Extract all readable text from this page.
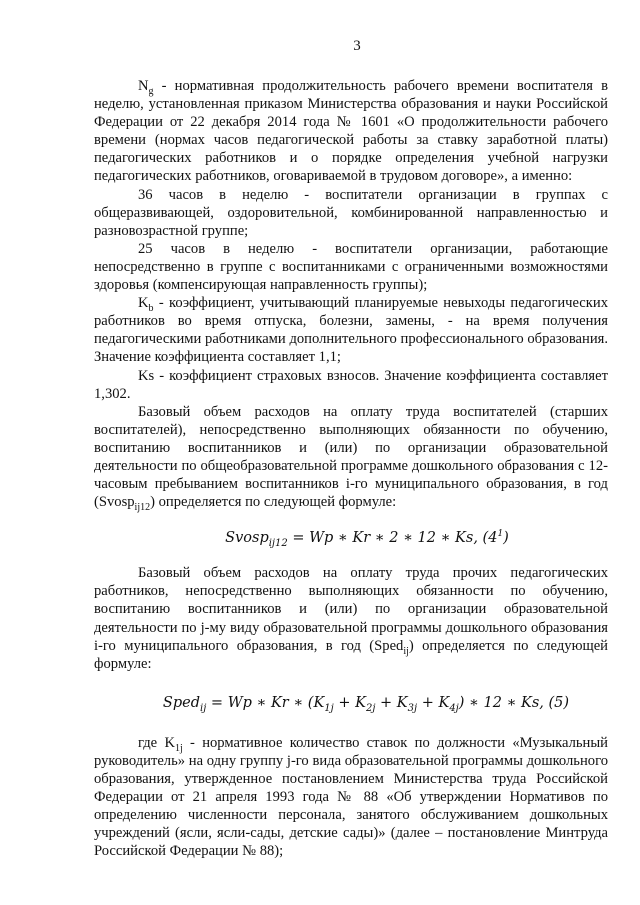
3

$N_g$ - нормативная продолжительность рабочего времени воспитателя в неделю, установленная приказом Министерства образования и науки Российской Федерации от 22 декабря 2014 года № 1601 «О продолжительности рабочего времени (нормах часов педагогической работы за ставку заработной платы) педагогических работников и о порядке определения учебной нагрузки педагогических работников, оговариваемой в трудовом договоре», а именно:

36 часов в неделю - воспитатели организации в группах с общеразвивающей, оздоровительной, комбинированной направленностью и разновозрастной группе;

25 часов в неделю - воспитатели организации, работающие непосредственно в группе с воспитанниками с ограниченными возможностями здоровья (компенсирующая направленность группы);

$K_b$ - коэффициент, учитывающий планируемые невыходы педагогических работников во время отпуска, болезни, замены, - на время получения педагогическими работниками дополнительного профессионального образования. Значение коэффициента составляет 1,1;

Ks - коэффициент страховых взносов. Значение коэффициента составляет 1,302.

Базовый объем расходов на оплату труда воспитателей (старших воспитателей), непосредственно выполняющих обязанности по обучению, воспитанию воспитанников и (или) по организации образовательной деятельности по общеобразовательной программе дошкольного образования с 12-часовым пребыванием воспитанников i-го муниципального образования, в год (Svosp$_{ij12}$) определяется по следующей формуле:

Svosp$_{ij12}$ = Wp ∗ Kr ∗ 2 ∗ 12 ∗ Ks, $(4^1)$

Базовый объем расходов на оплату труда прочих педагогических работников, непосредственно выполняющих обязанности по обучению, воспитанию воспитанников и (или) по организации образовательной деятельности по j-му виду образовательной программы дошкольного образования i-го муниципального образования, в год (Sped$_{ij}$) определяется по следующей формуле:

Sped$_{ij}$ = Wp ∗ Kr ∗ $(K_{1j} + K_{2j} + K_{3j} + K_{4j})$ ∗ 12 ∗ Ks, (5)

где $K_{1j}$ - нормативное количество ставок по должности «Музыкальный руководитель» на одну группу j-го вида образовательной программы дошкольного образования, утвержденное постановлением Министерства труда Российской Федерации от 21 апреля 1993 года № 88 «Об утверждении Нормативов по определению численности персонала, занятого обслуживанием дошкольных учреждений (ясли, ясли-сады, детские сады)» (далее – постановление Минтруда Российской Федерации № 88);
